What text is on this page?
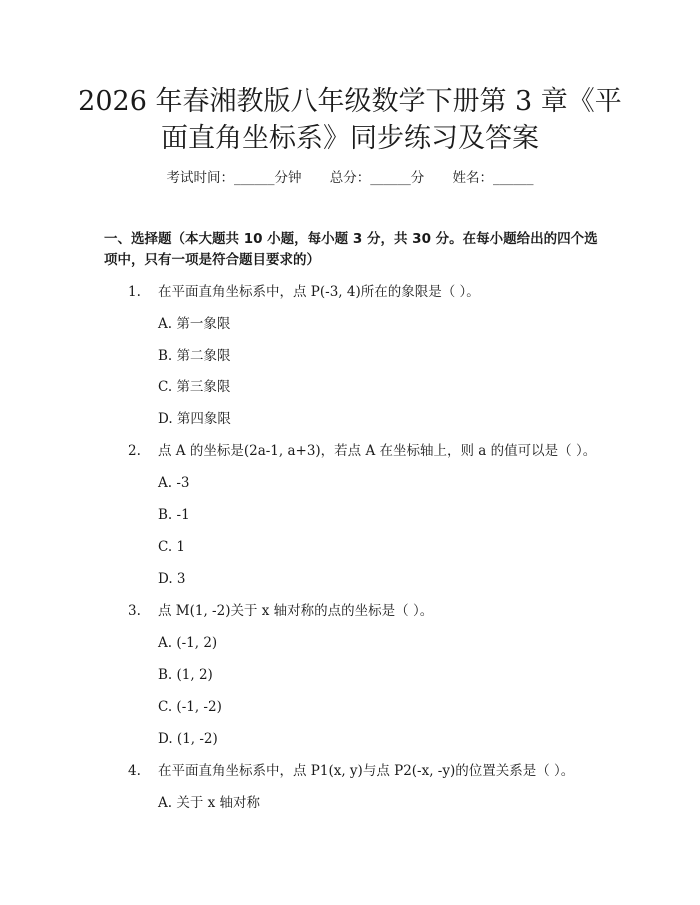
2026 年春湘教版八年级数学下册第 3 章《平
面直角坐标系》同步练习及答案
考试时间：______分钟 总分：______分 姓名：______
一、选择题（本大题共 10 小题，每小题 3 分，共 30 分。在每小题给出的四个选
项中，只有一项是符合题目要求的）
1. 在平面直角坐标系中，点 P(-3, 4)所在的象限是（ ）。
A. 第一象限
B. 第二象限
C. 第三象限
D. 第四象限
2. 点 A 的坐标是(2a-1, a+3)，若点 A 在坐标轴上，则 a 的值可以是（ ）。
A. -3
B. -1
C. 1
D. 3
3. 点 M(1, -2)关于 x 轴对称的点的坐标是（ ）。
A. (-1, 2)
B. (1, 2)
C. (-1, -2)
D. (1, -2)
4. 在平面直角坐标系中，点 P1(x, y)与点 P2(-x, -y)的位置关系是（ ）。
A. 关于 x 轴对称
